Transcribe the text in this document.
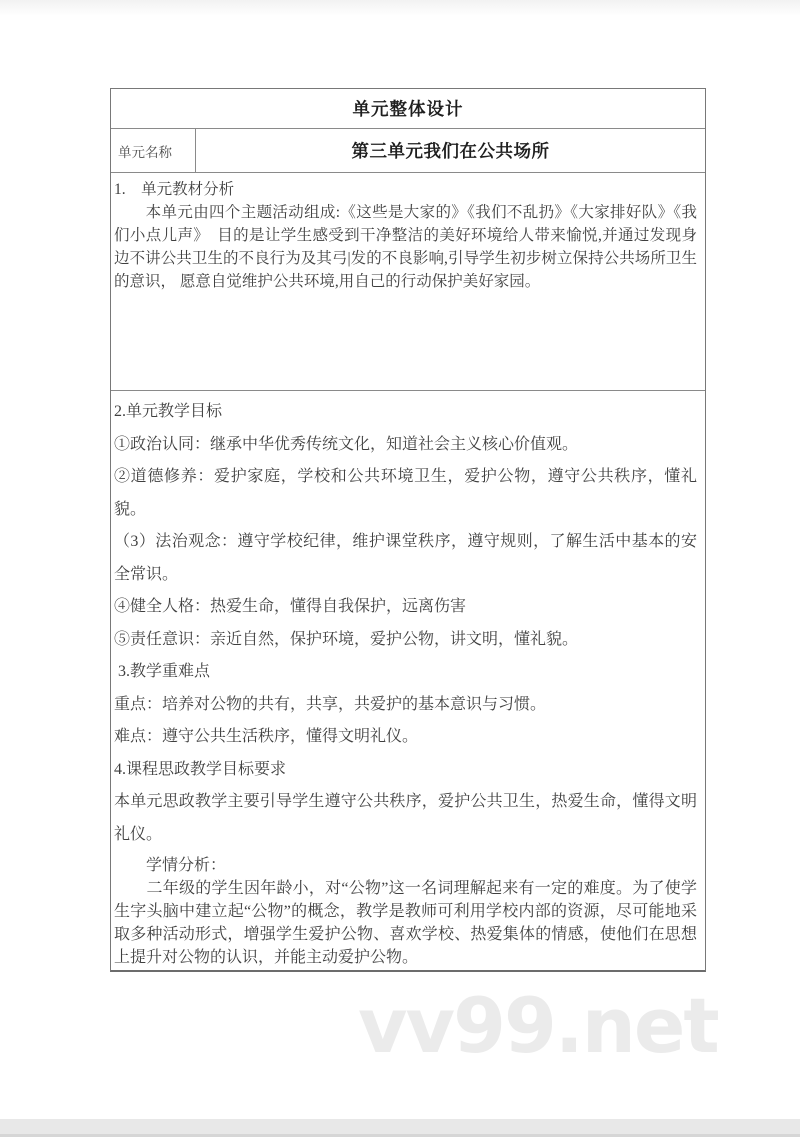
单元整体设计
单元名称	第三单元我们在公共场所

1.　单元教材分析

　　本单元由四个主题活动组成:《这些是大家的》《我们不乱扔》《大家排好队》《我们小点儿声》　目的是让学生感受到干净整洁的美好环境给人带来愉悦,并通过发现身边不讲公共卫生的不良行为及其弓|发的不良影响,引导学生初步树立保持公共场所卫生的意识， 愿意自觉维护公共环境,用自己的行动保护美好家园。

2.单元教学目标

①政治认同：继承中华优秀传统文化，知道社会主义核心价值观。

②道德修养：爱护家庭，学校和公共环境卫生，爱护公物，遵守公共秩序，懂礼貌。

（3）法治观念：遵守学校纪律，维护课堂秩序，遵守规则，了解生活中基本的安全常识。

④健全人格：热爱生命，懂得自我保护，远离伤害

⑤责任意识：亲近自然，保护环境，爱护公物，讲文明，懂礼貌。

3.教学重难点

重点：培养对公物的共有，共享，共爱护的基本意识与习惯。

难点：遵守公共生活秩序，懂得文明礼仪。

4.课程思政教学目标要求

本单元思政教学主要引导学生遵守公共秩序，爱护公共卫生，热爱生命，懂得文明礼仪。

　　学情分析：

　　二年级的学生因年龄小，对“公物”这一名词理解起来有一定的难度。为了使学生字头脑中建立起“公物”的概念，教学是教师可利用学校内部的资源，尽可能地采取多种活动形式，增强学生爱护公物、喜欢学校、热爱集体的情感，使他们在思想上提升对公物的认识，并能主动爱护公物。

vv99.net
